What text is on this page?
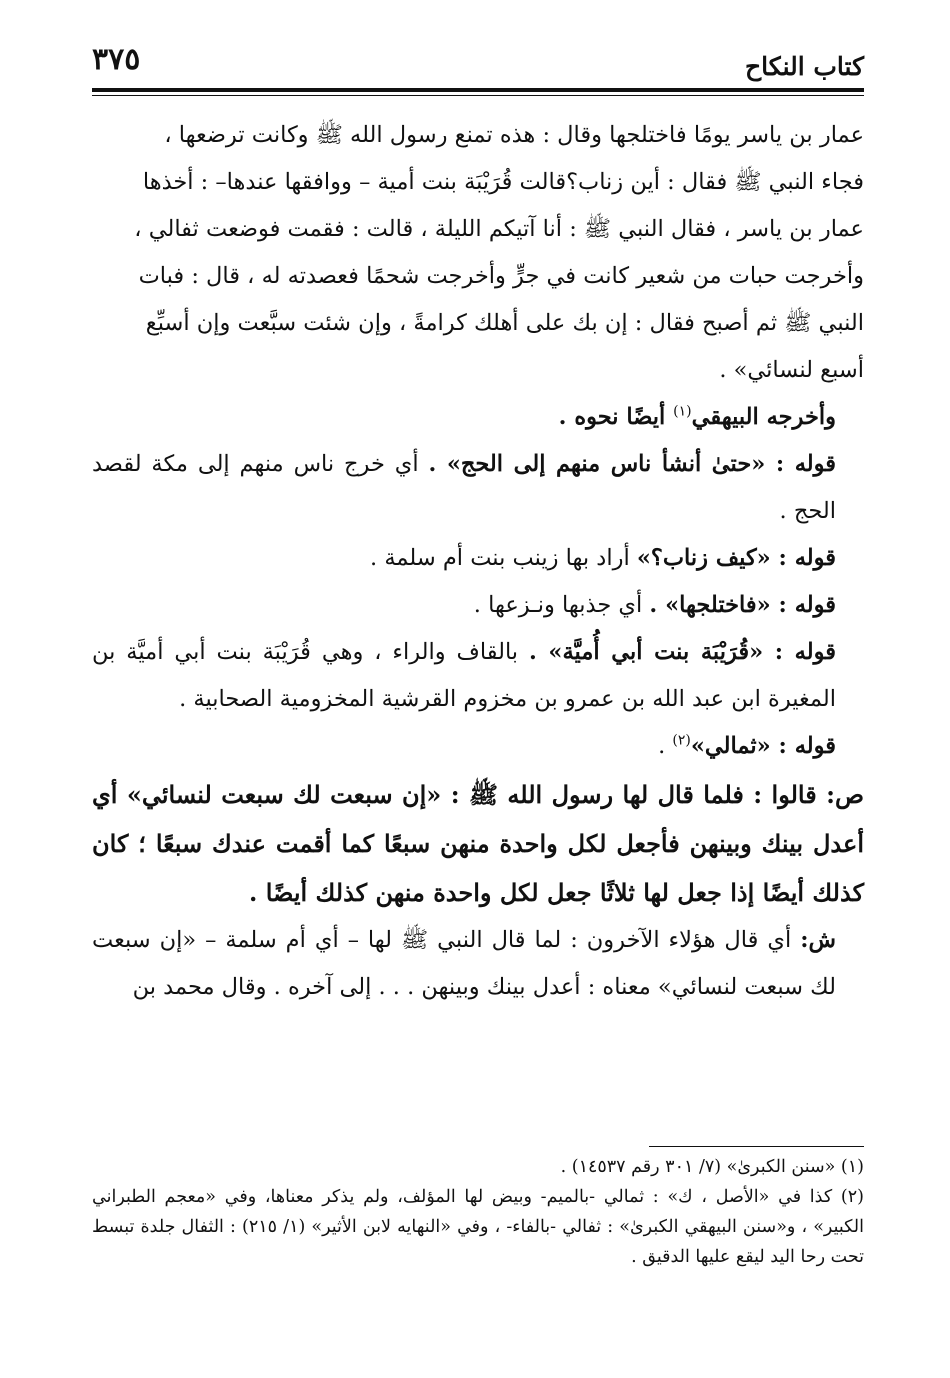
كتاب النكاح
٣٧٥

عمار بن ياسر يومًا فاختلجها وقال : هذه تمنع رسول الله ﷺ وكانت ترضعها ،

فجاء النبي ﷺ فقال : أين زناب؟قالت قُرَيْبَة بنت أمية – ووافقها عندها– : أخذها

عمار بن ياسر ، فقال النبي ﷺ : أنا آتيكم الليلة ، قالت : فقمت فوضعت ثفالي ،

وأخرجت حبات من شعير كانت في جرٍّ وأخرجت شحمًا فعصدته له ، قال : فبات

النبي ﷺ ثم أصبح فقال : إن بك على أهلك كرامةً ، وإن شئت سبَّعت وإن أسبِّع

أسبع لنسائي» .

وأخرجه البيهقي$^{(١)}$ أيضًا نحوه .

قوله : «حتىٰ أنشأ ناس منهم إلى الحج» . أي خرج ناس منهم إلى مكة لقصد الحج .

قوله : «كيف زناب؟» أراد بها زينب بنت أم سلمة .

قوله : «فاختلجها» . أي جذبها ونـزعها .

قوله : «قُرَيْبَة بنت أبي أُميَّة» . بالقاف والراء ، وهي قُرَيْبَة بنت أبي أميَّة بن المغيرة ابن عبد الله بن عمرو بن مخزوم القرشية المخزومية الصحابية .

قوله : «ثمالي»$^{(٢)}$ .

ص: قالوا : فلما قال لها رسول الله ﷺ : «إن سبعت لك سبعت لنسائي» أي أعدل بينك وبينهن فأجعل لكل واحدة منهن سبعًا كما أقمت عندك سبعًا ؛ كان كذلك أيضًا إذا جعل لها ثلاثًا جعل لكل واحدة منهن كذلك أيضًا .

ش: أي قال هؤلاء الآخرون : لما قال النبي ﷺ لها – أي أم سلمة – «إن سبعت لك سبعت لنسائي» معناه : أعدل بينك وبينهن . . . إلى آخره . وقال محمد بن

(١) «سنن الكبرىٰ» (٧/ ٣٠١ رقم ١٤٥٣٧) .

(٢) كذا في «الأصل ، ك» : ثمالي -بالميم- وبيض لها المؤلف، ولم يذكر معناها، وفي «معجم الطبراني الكبير» ، و«سنن البيهقي الكبرىٰ» : ثفالي -بالفاء- ، وفي «النهايه لابن الأثير» (١/ ٢١٥) : الثفال جلدة تبسط تحت رحا اليد ليقع عليها الدقيق .
